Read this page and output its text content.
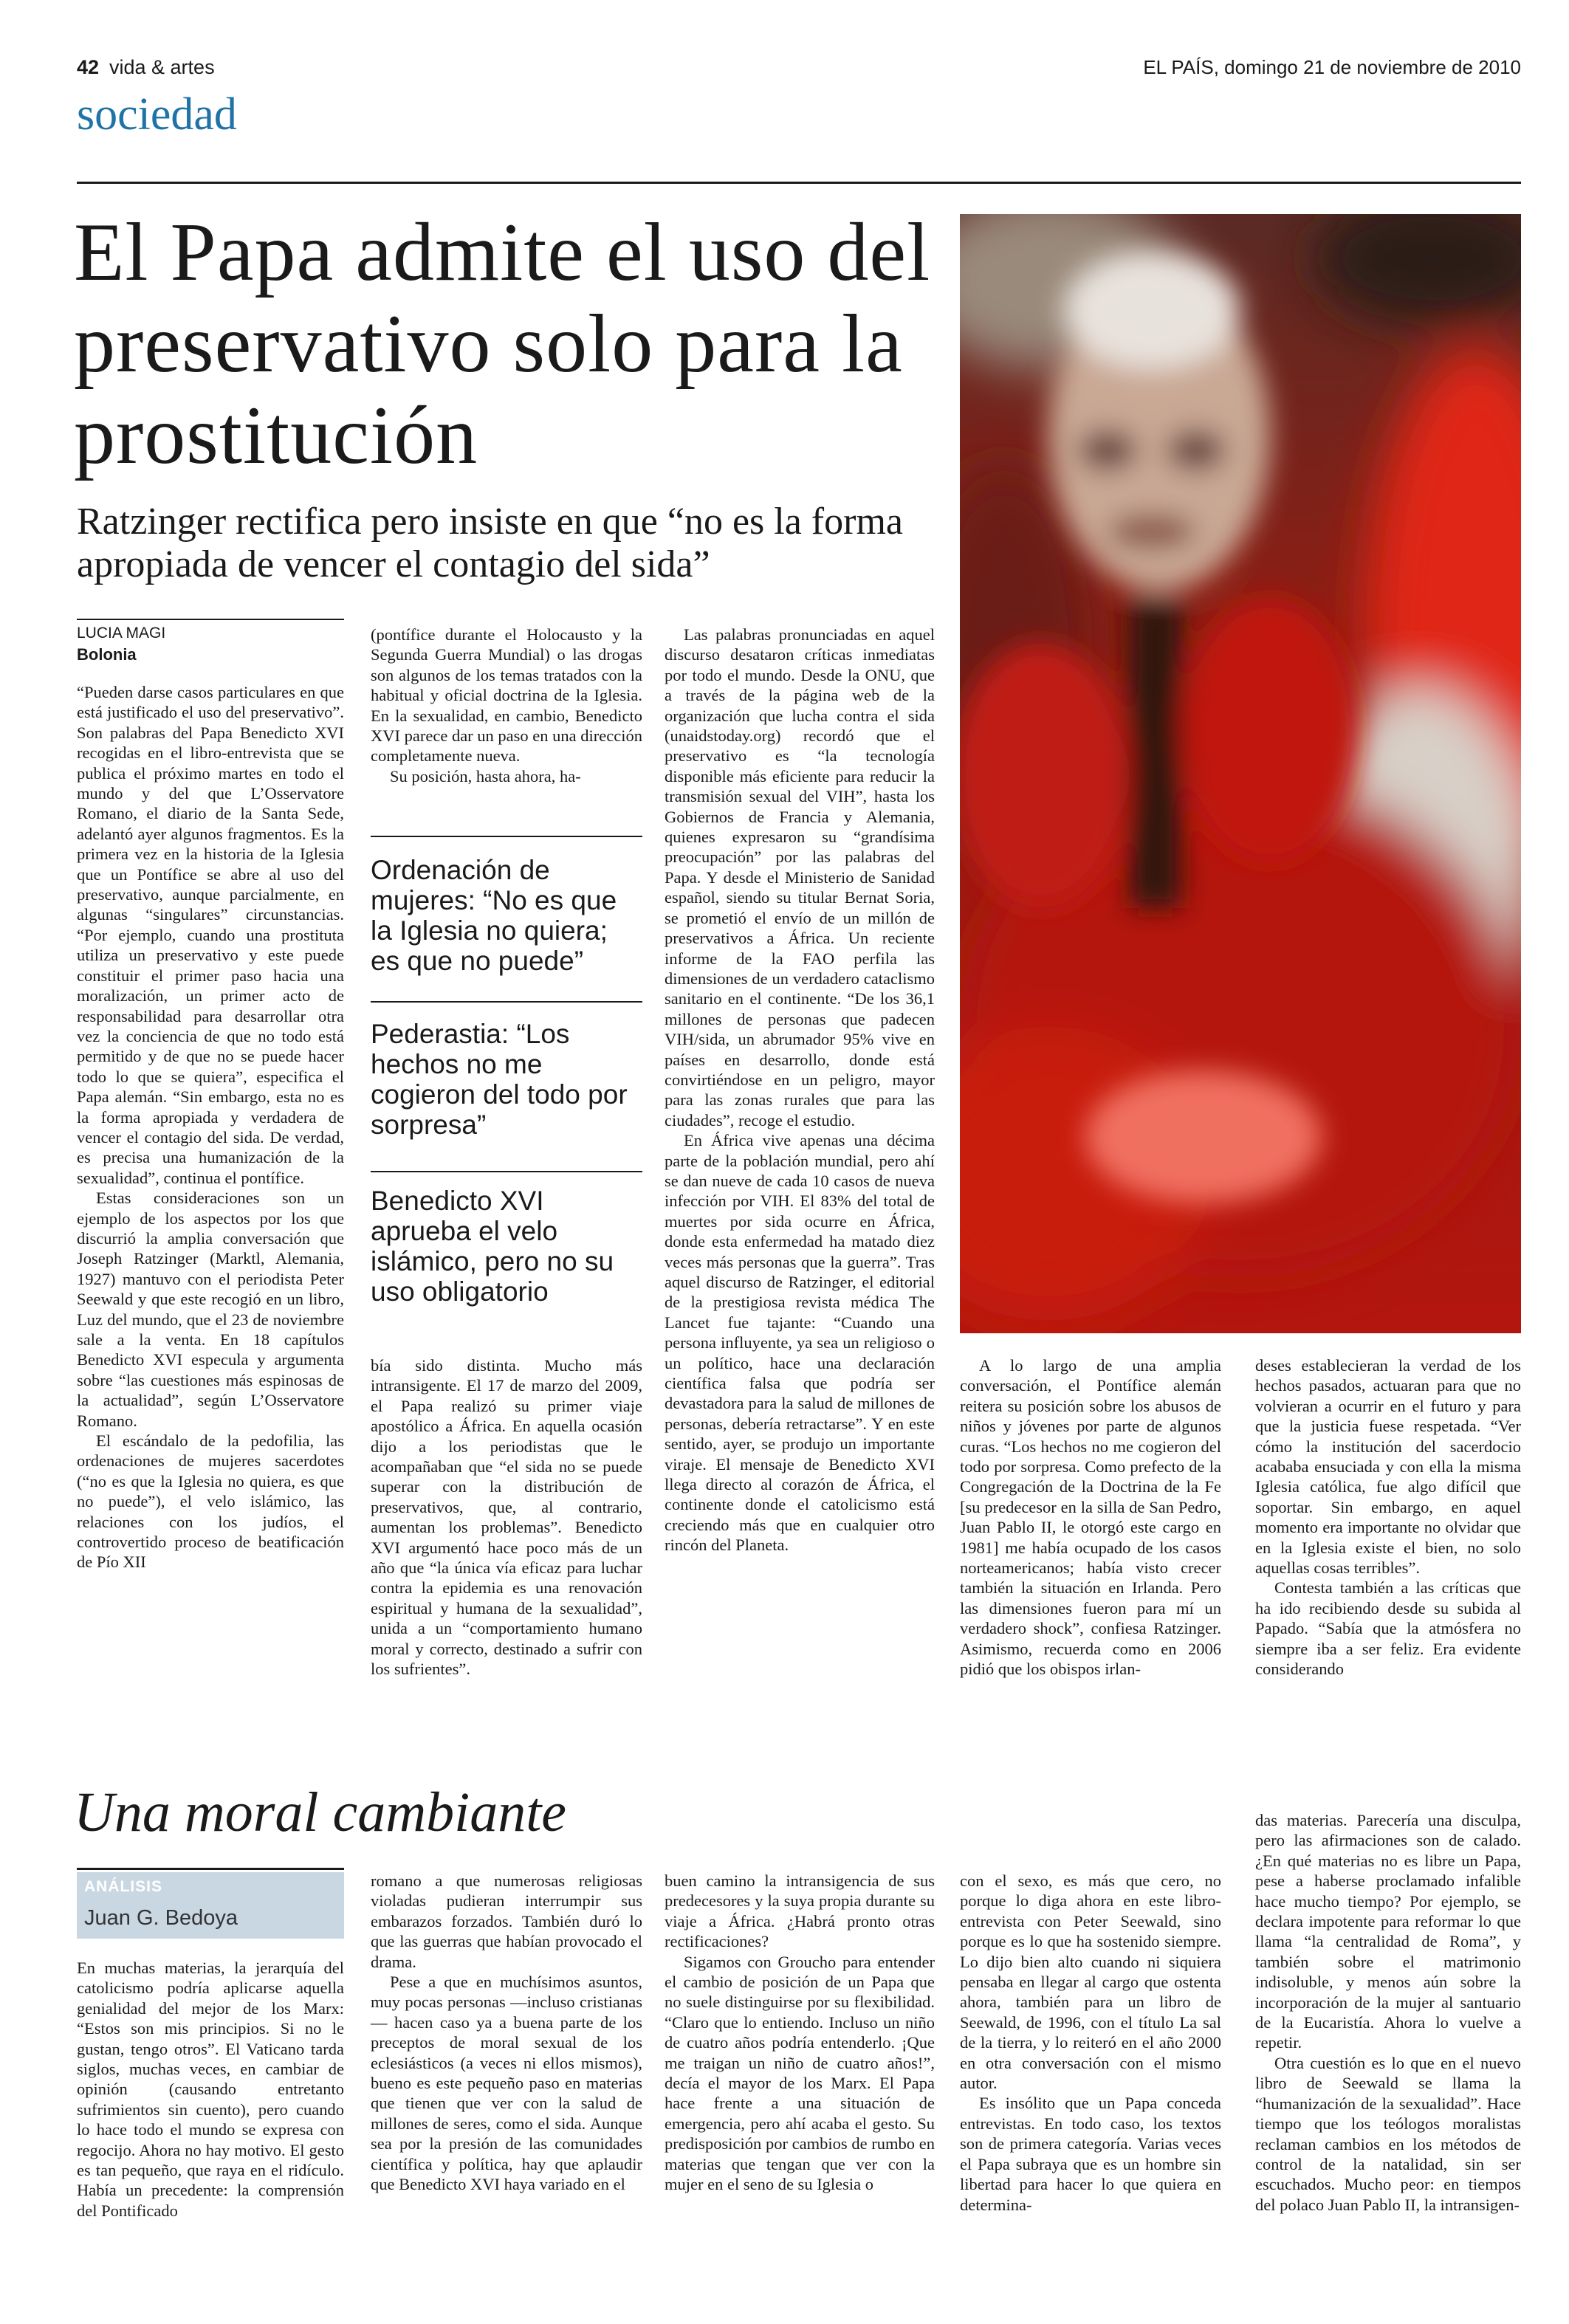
42 vida & artes	EL PAÍS, domingo 21 de noviembre de 2010
sociedad
El Papa admite el uso del preservativo solo para la prostitución
Ratzinger rectifica pero insiste en que “no es la forma apropiada de vencer el contagio del sida”
LUCIA MAGI
Bolonia

“Pueden darse casos particulares en que está justificado el uso del preservativo”. Son palabras del Papa Benedicto XVI recogidas en el libro-entrevista que se publica el próximo martes en todo el mundo y del que L’Osservatore Romano, el diario de la Santa Sede, adelantó ayer algunos fragmentos. Es la primera vez en la historia de la Iglesia que un Pontífice se abre al uso del preservativo, aunque parcialmente, en algunas “singulares” circunstancias. “Por ejemplo, cuando una prostituta utiliza un preservativo y este puede constituir el primer paso hacia una moralización, un primer acto de responsabilidad para desarrollar otra vez la conciencia de que no todo está permitido y de que no se puede hacer todo lo que se quiera”, especifica el Papa alemán. “Sin embargo, esta no es la forma apropiada y verdadera de vencer el contagio del sida. De verdad, es precisa una humanización de la sexualidad”, continua el pontífice.

Estas consideraciones son un ejemplo de los aspectos por los que discurrió la amplia conversación que Joseph Ratzinger (Marktl, Alemania, 1927) mantuvo con el periodista Peter Seewald y que este recogió en un libro, Luz del mundo, que el 23 de noviembre sale a la venta. En 18 capítulos Benedicto XVI especula y argumenta sobre “las cuestiones más espinosas de la actualidad”, según L’Osservatore Romano.

El escándalo de la pedofilia, las ordenaciones de mujeres sacerdotes (“no es que la Iglesia no quiera, es que no puede”), el velo islámico, las relaciones con los judíos, el controvertido proceso de beatificación de Pío XII

(pontífice durante el Holocausto y la Segunda Guerra Mundial) o las drogas son algunos de los temas tratados con la habitual y oficial doctrina de la Iglesia. En la sexualidad, en cambio, Benedicto XVI parece dar un paso en una dirección completamente nueva.

Su posición, hasta ahora, ha-

Ordenación de mujeres: “No es que la Iglesia no quiera; es que no puede”
Pederastia: “Los hechos no me cogieron del todo por sorpresa”
Benedicto XVI aprueba el velo islámico, pero no su uso obligatorio

bía sido distinta. Mucho más intransigente. El 17 de marzo del 2009, el Papa realizó su primer viaje apostólico a África. En aquella ocasión dijo a los periodistas que le acompañaban que “el sida no se puede superar con la distribución de preservativos, que, al contrario, aumentan los problemas”. Benedicto XVI argumentó hace poco más de un año que “la única vía eficaz para luchar contra la epidemia es una renovación espiritual y humana de la sexualidad”, unida a un “comportamiento humano moral y correcto, destinado a sufrir con los sufrientes”.

Las palabras pronunciadas en aquel discurso desataron críticas inmediatas por todo el mundo. Desde la ONU, que a través de la página web de la organización que lucha contra el sida (unaidstoday.org) recordó que el preservativo es “la tecnología disponible más eficiente para reducir la transmisión sexual del VIH”, hasta los Gobiernos de Francia y Alemania, quienes expresaron su “grandísima preocupación” por las palabras del Papa. Y desde el Ministerio de Sanidad español, siendo su titular Bernat Soria, se prometió el envío de un millón de preservativos a África. Un reciente informe de la FAO perfila las dimensiones de un verdadero cataclismo sanitario en el continente. “De los 36,1 millones de personas que padecen VIH/sida, un abrumador 95% vive en países en desarrollo, donde está convirtiéndose en un peligro, mayor para las zonas rurales que para las ciudades”, recoge el estudio.

En África vive apenas una décima parte de la población mundial, pero ahí se dan nueve de cada 10 casos de nueva infección por VIH. El 83% del total de muertes por sida ocurre en África, donde esta enfermedad ha matado diez veces más personas que la guerra”. Tras aquel discurso de Ratzinger, el editorial de la prestigiosa revista médica The Lancet fue tajante: “Cuando una persona influyente, ya sea un religioso o un político, hace una declaración científica falsa que podría ser devastadora para la salud de millones de personas, debería retractarse”. Y en este sentido, ayer, se produjo un importante viraje. El mensaje de Benedicto XVI llega directo al corazón de África, el continente donde el catolicismo está creciendo más que en cualquier otro rincón del Planeta.

A lo largo de una amplia conversación, el Pontífice alemán reitera su posición sobre los abusos de niños y jóvenes por parte de algunos curas. “Los hechos no me cogieron del todo por sorpresa. Como prefecto de la Congregación de la Doctrina de la Fe [su predecesor en la silla de San Pedro, Juan Pablo II, le otorgó este cargo en 1981] me había ocupado de los casos norteamericanos; había visto crecer también la situación en Irlanda. Pero las dimensiones fueron para mí un verdadero shock”, confiesa Ratzinger. Asimismo, recuerda como en 2006 pidió que los obispos irlan-

deses establecieran la verdad de los hechos pasados, actuaran para que no volvieran a ocurrir en el futuro y para que la justicia fuese respetada. “Ver cómo la institución del sacerdocio acababa ensuciada y con ella la misma Iglesia católica, fue algo difícil que soportar. Sin embargo, en aquel momento era importante no olvidar que en la Iglesia existe el bien, no solo aquellas cosas terribles”.

Contesta también a las críticas que ha ido recibiendo desde su subida al Papado. “Sabía que la atmósfera no siempre iba a ser feliz. Era evidente considerando

Una moral cambiante
ANÁLISIS
Juan G. Bedoya

En muchas materias, la jerarquía del catolicismo podría aplicarse aquella genialidad del mejor de los Marx: “Estos son mis principios. Si no le gustan, tengo otros”. El Vaticano tarda siglos, muchas veces, en cambiar de opinión (causando entretanto sufrimientos sin cuento), pero cuando lo hace todo el mundo se expresa con regocijo. Ahora no hay motivo. El gesto es tan pequeño, que raya en el ridículo. Había un precedente: la comprensión del Pontificado

romano a que numerosas religiosas violadas pudieran interrumpir sus embarazos forzados. También duró lo que las guerras que habían provocado el drama.

Pese a que en muchísimos asuntos, muy pocas personas —incluso cristianas— hacen caso ya a buena parte de los preceptos de moral sexual de los eclesiásticos (a veces ni ellos mismos), bueno es este pequeño paso en materias que tienen que ver con la salud de millones de seres, como el sida. Aunque sea por la presión de las comunidades científica y política, hay que aplaudir que Benedicto XVI haya variado en el

buen camino la intransigencia de sus predecesores y la suya propia durante su viaje a África. ¿Habrá pronto otras rectificaciones?

Sigamos con Groucho para entender el cambio de posición de un Papa que no suele distinguirse por su flexibilidad. “Claro que lo entiendo. Incluso un niño de cuatro años podría entenderlo. ¡Que me traigan un niño de cuatro años!”, decía el mayor de los Marx. El Papa hace frente a una situación de emergencia, pero ahí acaba el gesto. Su predisposición por cambios de rumbo en materias que tengan que ver con la mujer en el seno de su Iglesia o

con el sexo, es más que cero, no porque lo diga ahora en este libro-entrevista con Peter Seewald, sino porque es lo que ha sostenido siempre. Lo dijo bien alto cuando ni siquiera pensaba en llegar al cargo que ostenta ahora, también para un libro de Seewald, de 1996, con el título La sal de la tierra, y lo reiteró en el año 2000 en otra conversación con el mismo autor.

Es insólito que un Papa conceda entrevistas. En todo caso, los textos son de primera categoría. Varias veces el Papa subraya que es un hombre sin libertad para hacer lo que quiera en determina-

das materias. Parecería una disculpa, pero las afirmaciones son de calado. ¿En qué materias no es libre un Papa, pese a haberse proclamado infalible hace mucho tiempo? Por ejemplo, se declara impotente para reformar lo que llama “la centralidad de Roma”, y también sobre el matrimonio indisoluble, y menos aún sobre la incorporación de la mujer al santuario de la Eucaristía. Ahora lo vuelve a repetir.

Otra cuestión es lo que en el nuevo libro de Seewald se llama la “humanización de la sexualidad”. Hace tiempo que los teólogos moralistas reclaman cambios en los métodos de control de la natalidad, sin ser escuchados. Mucho peor: en tiempos del polaco Juan Pablo II, la intransigen-
